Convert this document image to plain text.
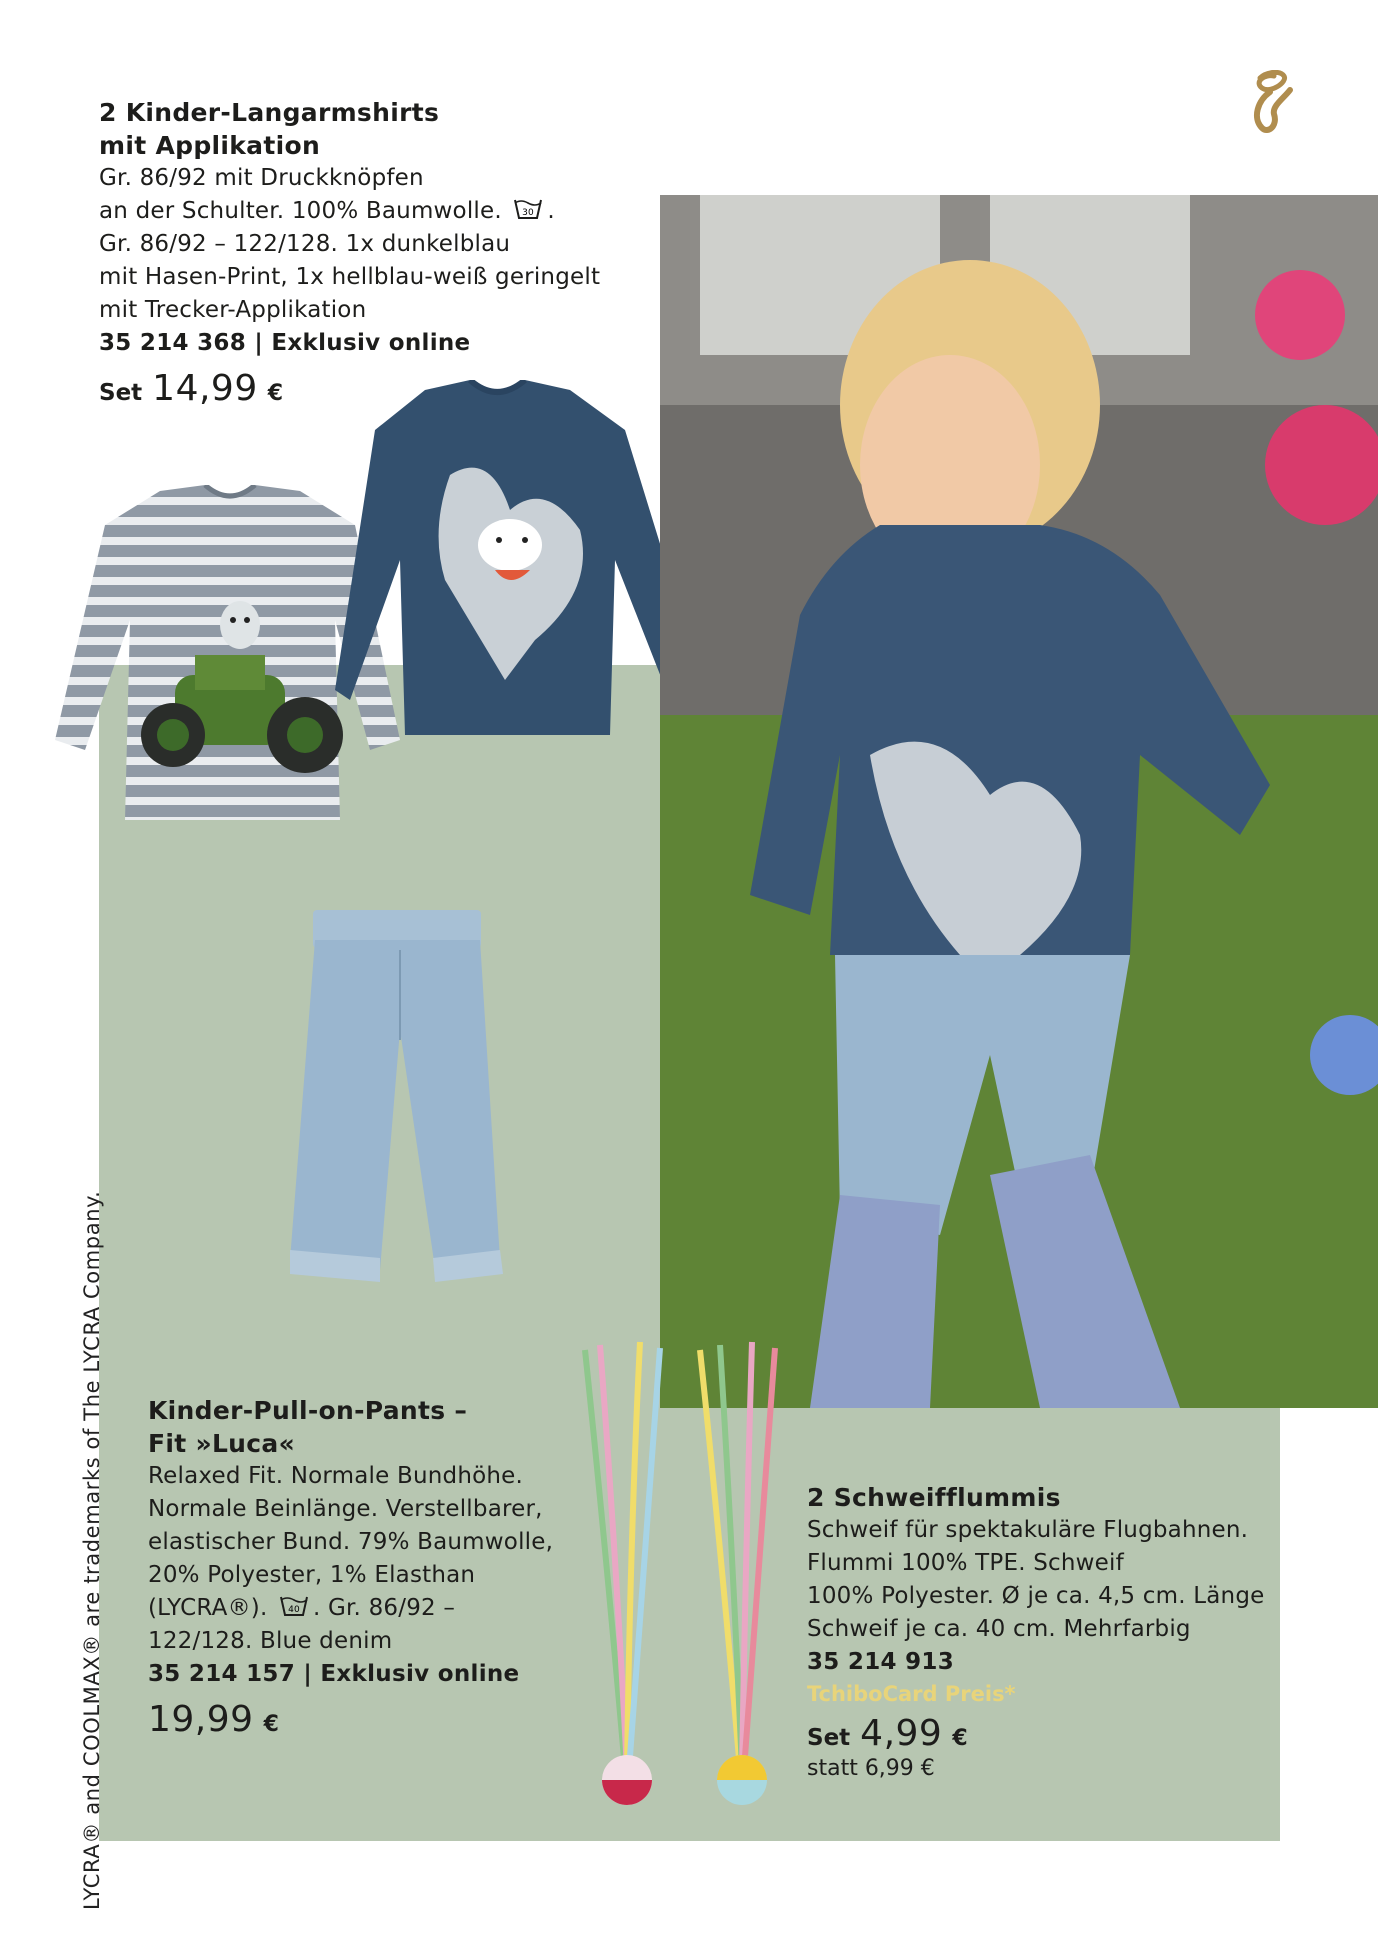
2 Kinder-Langarmshirts
mit Applikation
Gr. 86/92 mit Druckknöpfen
an der Schulter. 100% Baumwolle. 30 .
Gr. 86/92 – 122/128. 1x dunkelblau
mit Hasen-Print, 1x hellblau-weiß geringelt
mit Trecker-Applikation
35 214 368 | Exklusiv online
Set 14,99 €
Kinder-Pull-on-Pants –
Fit »Luca«
Relaxed Fit. Normale Bundhöhe.
Normale Beinlänge. Verstellbarer,
elastischer Bund. 79% Baumwolle,
20% Polyester, 1% Elasthan
(LYCRA®). 40 . Gr. 86/92 –
122/128. Blue denim
35 214 157 | Exklusiv online
19,99 €
2 Schweifflummis
Schweif für spektakuläre Flugbahnen.
Flummi 100% TPE. Schweif
100% Polyester. Ø je ca. 4,5 cm. Länge
Schweif je ca. 40 cm. Mehrfarbig
35 214 913
TchiboCard Preis*
Set 4,99 €
statt 6,99 €
LYCRA® and COOLMAX® are trademarks of The LYCRA Company.
